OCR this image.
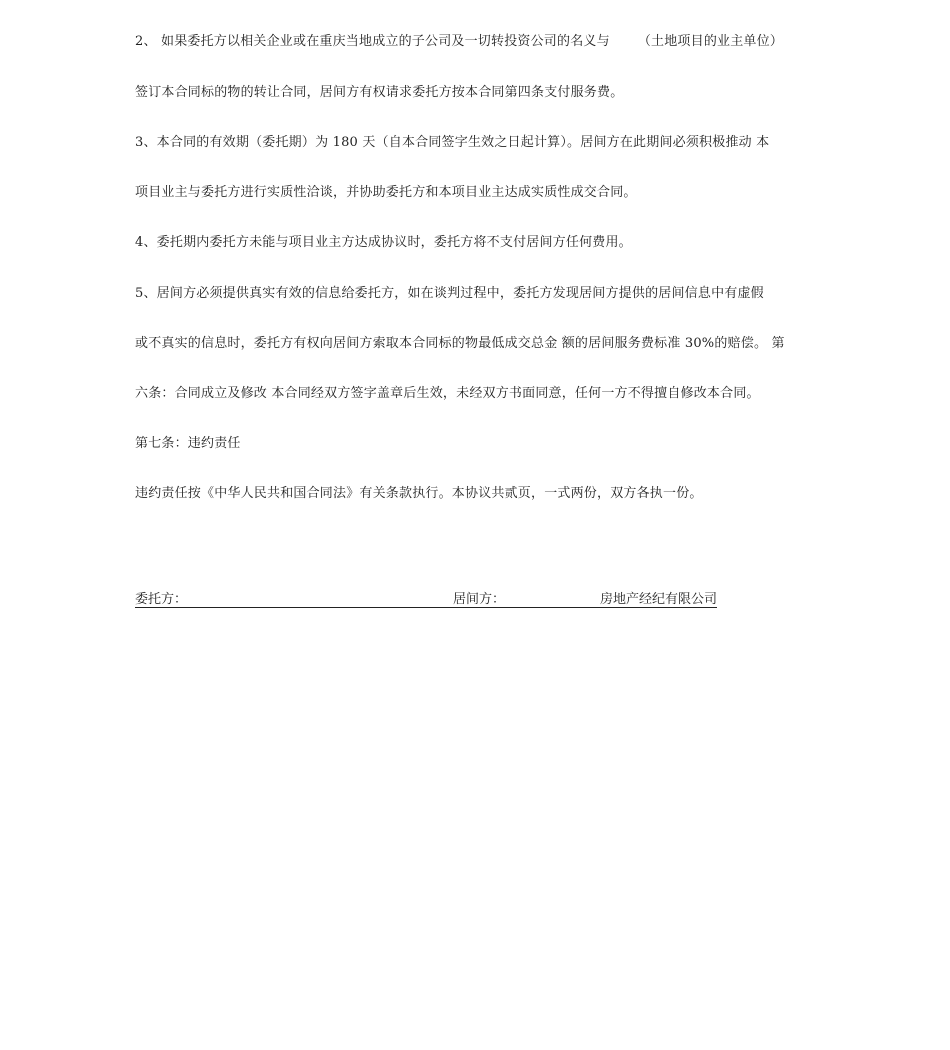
2、 如果委托方以相关企业或在重庆当地成立的子公司及一切转投资公司的名义与 （土地项目的业主单位）
签订本合同标的物的转让合同，居间方有权请求委托方按本合同第四条支付服务费。
3、本合同的有效期（委托期）为 180 天（自本合同签字生效之日起计算）。居间方在此期间必须积极推动 本
项目业主与委托方进行实质性洽谈，并协助委托方和本项目业主达成实质性成交合同。
4、委托期内委托方未能与项目业主方达成协议时，委托方将不支付居间方任何费用。
5、居间方必须提供真实有效的信息给委托方，如在谈判过程中，委托方发现居间方提供的居间信息中有虚假
或不真实的信息时，委托方有权向居间方索取本合同标的物最低成交总金 额的居间服务费标准 30%的赔偿。 第
六条：合同成立及修改 本合同经双方签字盖章后生效，未经双方书面同意，任何一方不得擅自修改本合同。
第七条：违约责任
违约责任按《中华人民共和国合同法》有关条款执行。本协议共贰页，一式两份，双方各执一份。
委托方：	居间方：	房地产经纪有限公司
